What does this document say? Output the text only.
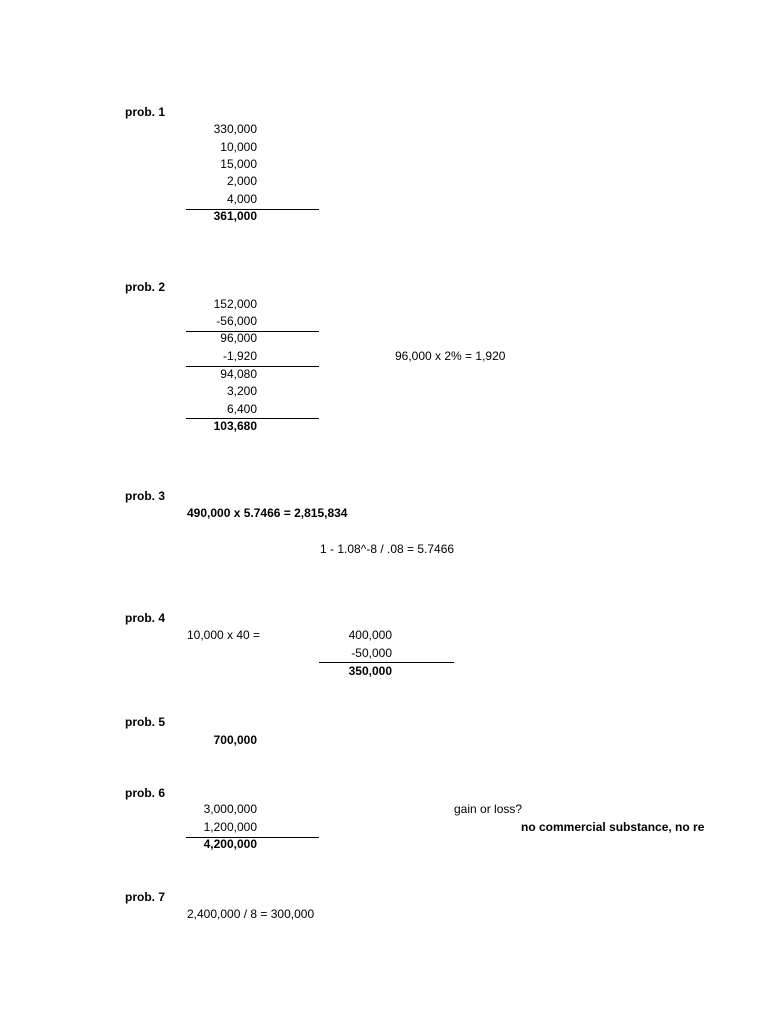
prob. 1
330,000
10,000
15,000
2,000
4,000
361,000
prob. 2
152,000
-56,000
96,000
-1,920	96,000 x 2% = 1,920
94,080
3,200
6,400
103,680
prob. 3
490,000 x 5.7466 = 2,815,834
1 - 1.08^-8 / .08 = 5.7466
prob. 4
10,000 x 40 =	400,000
-50,000
350,000
prob. 5
700,000
prob. 6
3,000,000	gain or loss?
1,200,000	no commercial substance, no re
4,200,000
prob. 7
2,400,000 / 8 = 300,000
